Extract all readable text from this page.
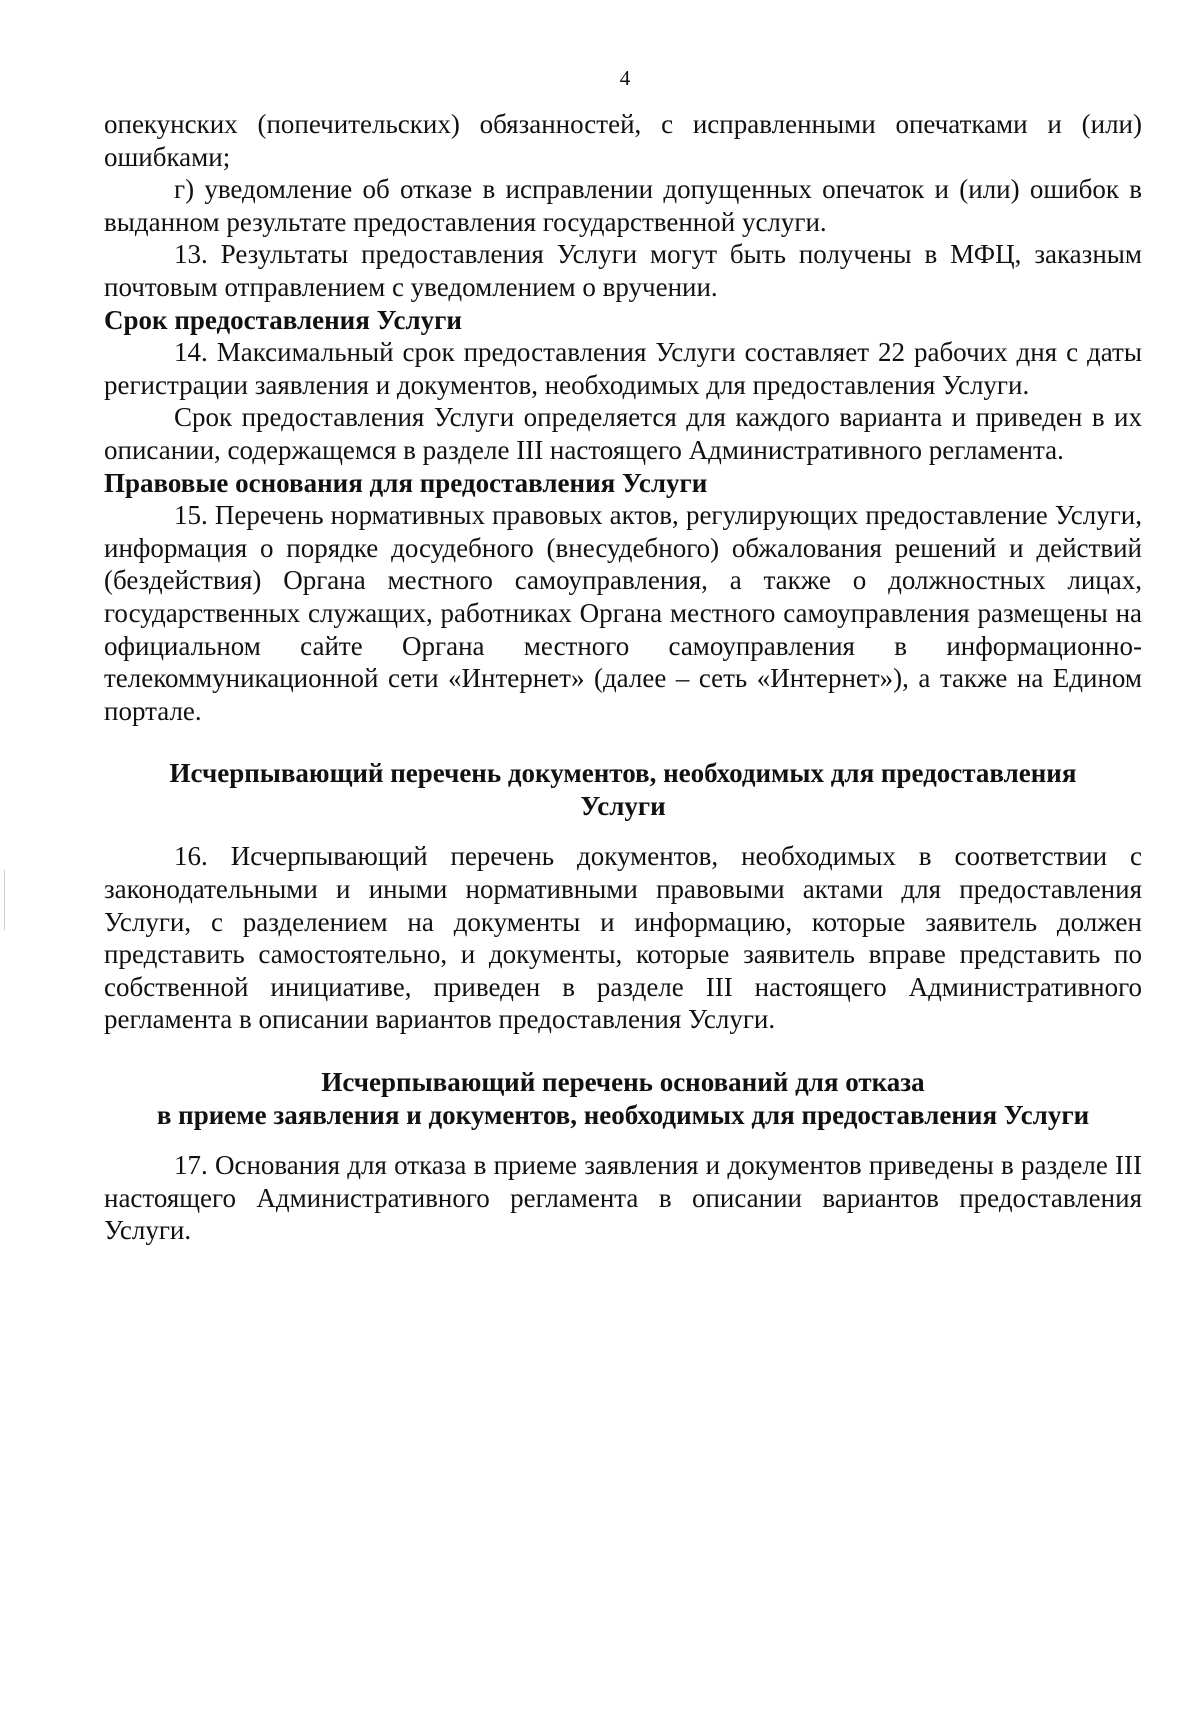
4

опекунских (попечительских) обязанностей, с исправленными опечатками и (или) ошибками;

г) уведомление об отказе в исправлении допущенных опечаток и (или) ошибок в выданном результате предоставления государственной услуги.

13. Результаты предоставления Услуги могут быть получены в МФЦ, заказным почтовым отправлением с уведомлением о вручении.

Срок предоставления Услуги

14. Максимальный срок предоставления Услуги составляет 22 рабочих дня с даты регистрации заявления и документов, необходимых для предоставления Услуги.

Срок предоставления Услуги определяется для каждого варианта и приведен в их описании, содержащемся в разделе III настоящего Административного регламента.

Правовые основания для предоставления Услуги

15. Перечень нормативных правовых актов, регулирующих предоставление Услуги, информация о порядке досудебного (внесудебного) обжалования решений и действий (бездействия) Органа местного самоуправления, а также о должностных лицах, государственных служащих, работниках Органа местного самоуправления размещены на официальном сайте Органа местного самоуправления в информационно-телекоммуникационной сети «Интернет» (далее – сеть «Интернет»), а также на Едином портале.

Исчерпывающий перечень документов, необходимых для предоставления
Услуги

16. Исчерпывающий перечень документов, необходимых в соответствии с законодательными и иными нормативными правовыми актами для предоставления Услуги, с разделением на документы и информацию, которые заявитель должен представить самостоятельно, и документы, которые заявитель вправе представить по собственной инициативе, приведен в разделе III настоящего Административного регламента в описании вариантов предоставления Услуги.

Исчерпывающий перечень оснований для отказа
в приеме заявления и документов, необходимых для предоставления Услуги

17. Основания для отказа в приеме заявления и документов приведены в разделе III настоящего Административного регламента в описании вариантов предоставления Услуги.
